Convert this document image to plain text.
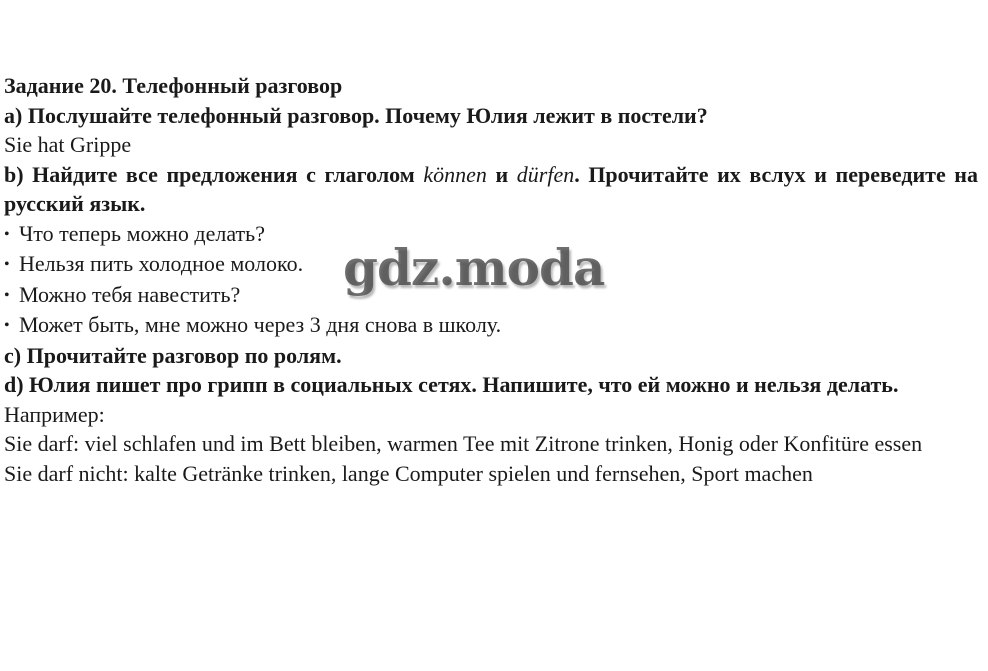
Задание 20. Телефонный разговор

a) Послушайте телефонный разговор. Почему Юлия лежит в постели?

Sie hat Grippe

b) Найдите все предложения с глаголом können и dürfen. Прочитайте их вслух и переведите на русский язык.

• Что теперь можно делать?

• Нельзя пить холодное молоко.

• Можно тебя навестить?

• Может быть, мне можно через 3 дня снова в школу.

c) Прочитайте разговор по ролям.

d) Юлия пишет про грипп в социальных сетях. Напишите, что ей можно и нельзя делать.

Например:

Sie darf: viel schlafen und im Bett bleiben, warmen Tee mit Zitrone trinken, Honig oder Konfitüre essen

Sie darf nicht: kalte Getränke trinken, lange Computer spielen und fernsehen, Sport machen

gdz.moda
